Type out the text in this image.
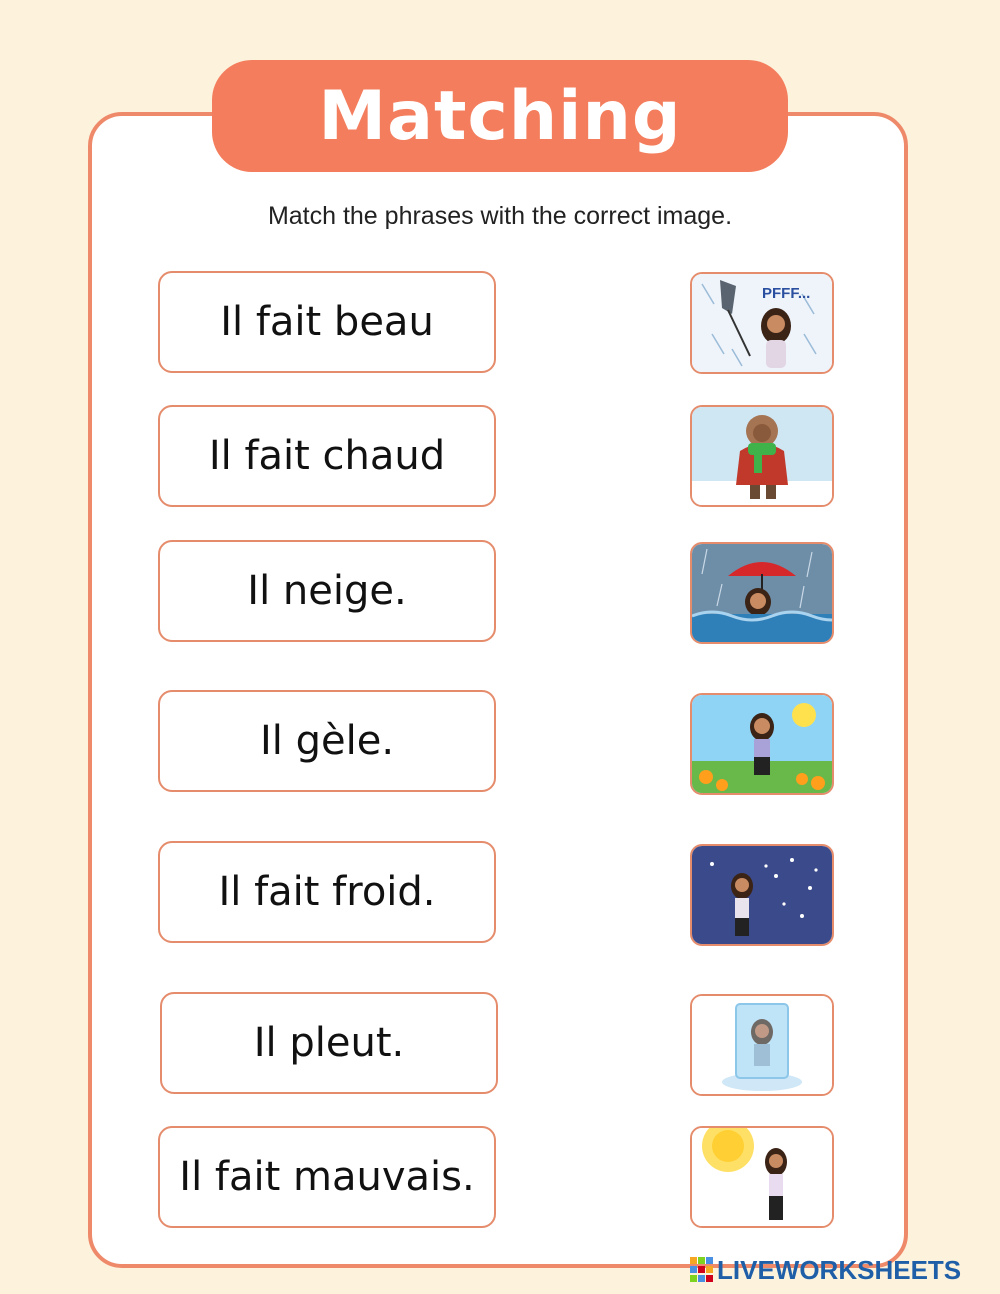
Matching
Match the phrases with the correct image.
Il fait beau
Il fait chaud
Il neige.
Il gèle.
Il fait froid.
Il pleut.
Il fait mauvais.
PFFF...
LIVEWORKSHEETS
